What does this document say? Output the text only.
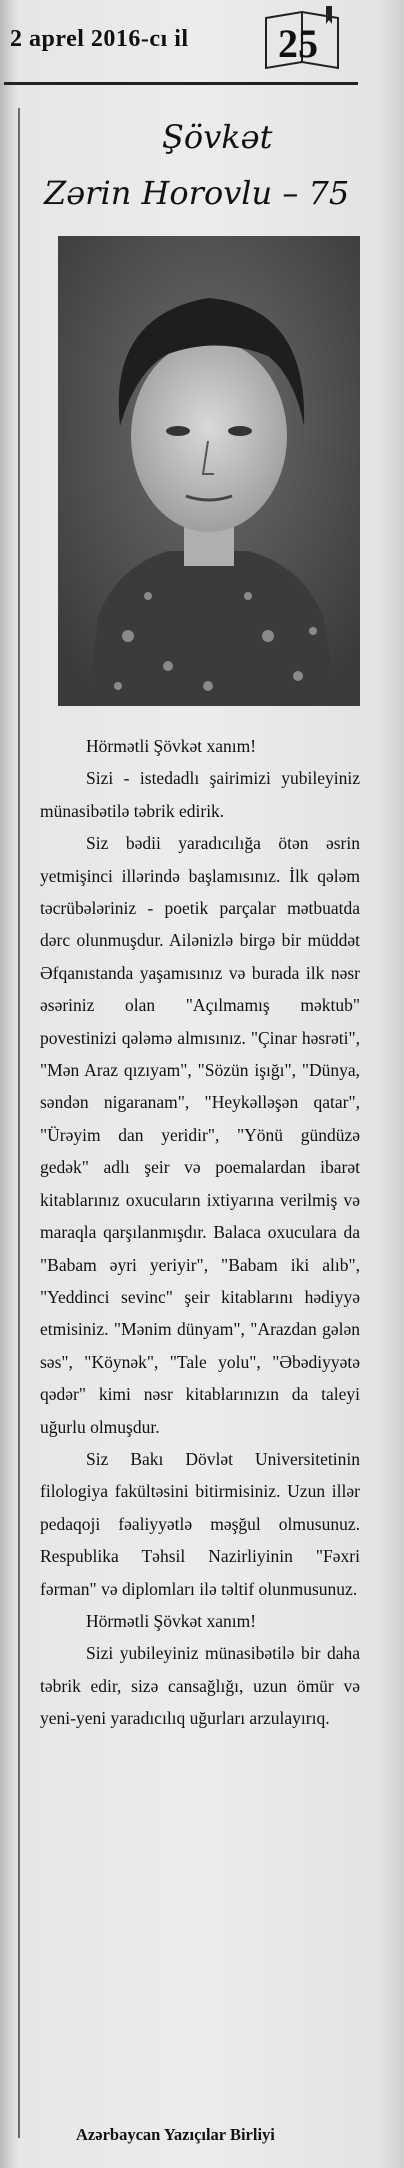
2 aprel 2016-cı il 25
Şövkət
Zərin Horovlu – 75

Hörmətli Şövkət xanım!

Sizi - istedadlı şairimizi yubileyiniz münasibətilə təbrik edirik.

Siz bədii yaradıcılığa ötən əsrin yetmişinci illərində başlamısınız. İlk qələm təcrübələriniz - poetik parçalar mətbuatda dərc olunmuşdur. Ailənizlə birgə bir müddət Əfqanıstanda yaşamısınız və burada ilk nəsr əsəriniz olan "Açılmamış məktub" povestinizi qələmə almısınız. "Çinar həsrəti", "Mən Araz qızıyam", "Sözün işığı", "Dünya, səndən nigaranam", "Heykəlləşən qatar", "Ürəyim dan yeridir", "Yönü gündüzə gedək" adlı şeir və poemalardan ibarət kitablarınız oxucuların ixtiyarına verilmiş və maraqla qarşılanmışdır. Balaca oxuculara da "Babam əyri yeriyir", "Babam iki alıb", "Yeddinci sevinc" şeir kitablarını hədiyyə etmisiniz. "Mənim dünyam", "Arazdan gələn səs", "Köynək", "Tale yolu", "Əbədiyyətə qədər" kimi nəsr kitablarınızın da taleyi uğurlu olmuşdur.

Siz Bakı Dövlət Universitetinin filologiya fakültəsini bitirmisiniz. Uzun illər pedaqoji fəaliyyətlə məşğul olmusunuz. Respublika Təhsil Nazirliyinin "Fəxri fərman" və diplomları ilə təltif olunmusunuz.

Hörmətli Şövkət xanım!

Sizi yubileyiniz münasibətilə bir daha təbrik edir, sizə cansağlığı, uzun ömür və yeni-yeni yaradıcılıq uğurları arzulayırıq.

Azərbaycan Yazıçılar Birliyi
